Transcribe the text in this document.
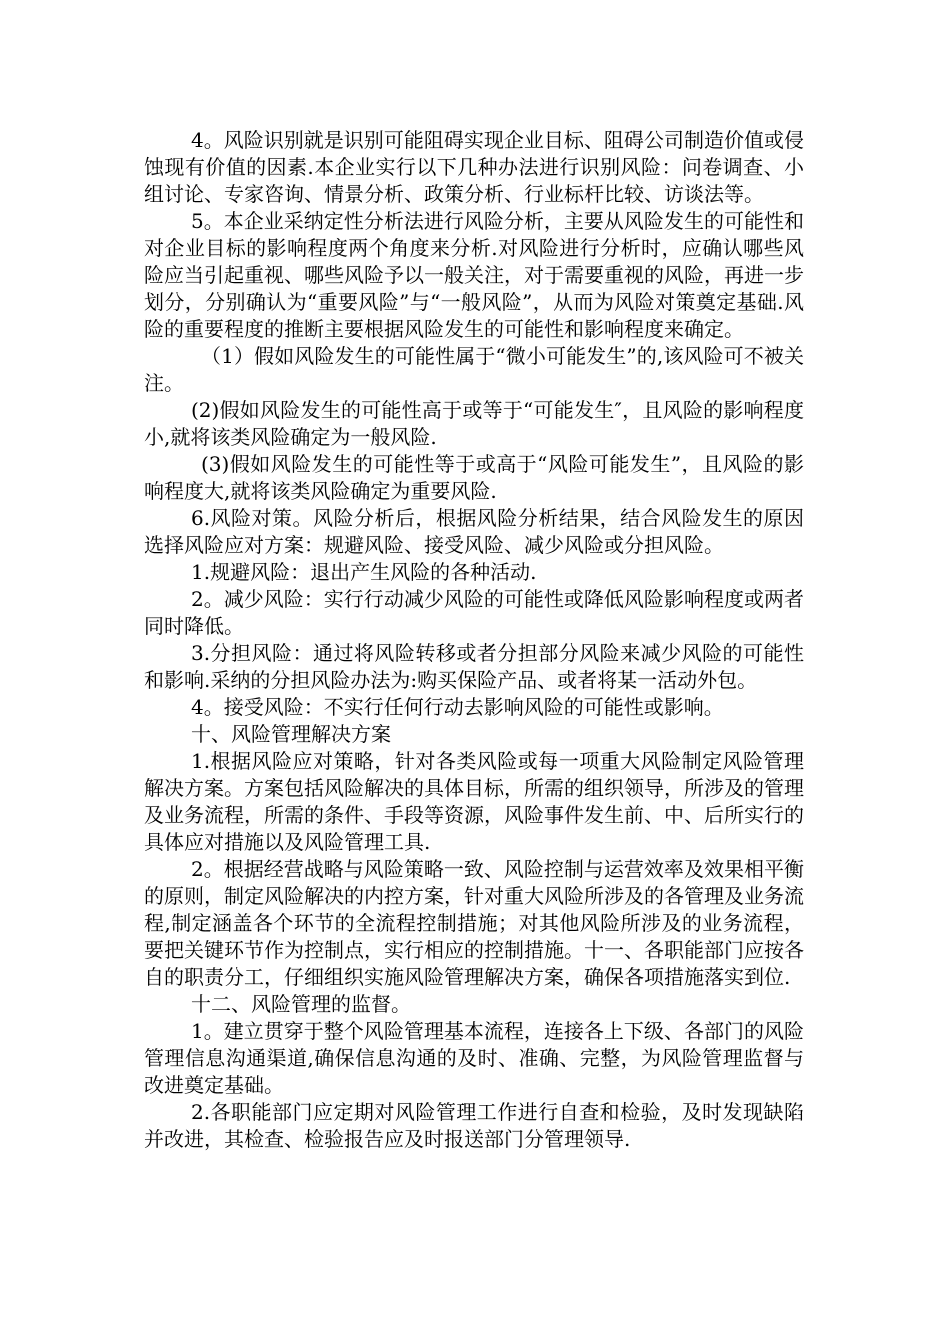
4。风险识别就是识别可能阻碍实现企业目标、阻碍公司制造价值或侵蚀现有价值的因素.本企业实行以下几种办法进行识别风险：问卷调查、小组讨论、专家咨询、情景分析、政策分析、行业标杆比较、访谈法等。

5。本企业采纳定性分析法进行风险分析，主要从风险发生的可能性和对企业目标的影响程度两个角度来分析.对风险进行分析时，应确认哪些风险应当引起重视、哪些风险予以一般关注，对于需要重视的风险，再进一步划分，分别确认为“重要风险”与“一般风险”，从而为风险对策奠定基础.风险的重要程度的推断主要根据风险发生的可能性和影响程度来确定。

（1）假如风险发生的可能性属于“微小可能发生”的,该风险可不被关注。

(2)假如风险发生的可能性高于或等于“可能发生″，且风险的影响程度小,就将该类风险确定为一般风险.

(3)假如风险发生的可能性等于或高于“风险可能发生”，且风险的影响程度大,就将该类风险确定为重要风险.

6.风险对策。风险分析后，根据风险分析结果，结合风险发生的原因选择风险应对方案：规避风险、接受风险、减少风险或分担风险。

1.规避风险：退出产生风险的各种活动.

2。减少风险：实行行动减少风险的可能性或降低风险影响程度或两者同时降低。

3.分担风险：通过将风险转移或者分担部分风险来减少风险的可能性和影响.采纳的分担风险办法为:购买保险产品、或者将某一活动外包。

4。接受风险：不实行任何行动去影响风险的可能性或影响。

十、风险管理解决方案

1.根据风险应对策略，针对各类风险或每一项重大风险制定风险管理解决方案。方案包括风险解决的具体目标，所需的组织领导，所涉及的管理及业务流程，所需的条件、手段等资源，风险事件发生前、中、后所实行的具体应对措施以及风险管理工具.

2。根据经营战略与风险策略一致、风险控制与运营效率及效果相平衡的原则，制定风险解决的内控方案，针对重大风险所涉及的各管理及业务流程,制定涵盖各个环节的全流程控制措施；对其他风险所涉及的业务流程，要把关键环节作为控制点，实行相应的控制措施。十一、各职能部门应按各自的职责分工，仔细组织实施风险管理解决方案，确保各项措施落实到位.

十二、风险管理的监督。

1。建立贯穿于整个风险管理基本流程，连接各上下级、各部门的风险管理信息沟通渠道,确保信息沟通的及时、准确、完整，为风险管理监督与改进奠定基础。

2.各职能部门应定期对风险管理工作进行自查和检验，及时发现缺陷并改进，其检查、检验报告应及时报送部门分管理领导.
